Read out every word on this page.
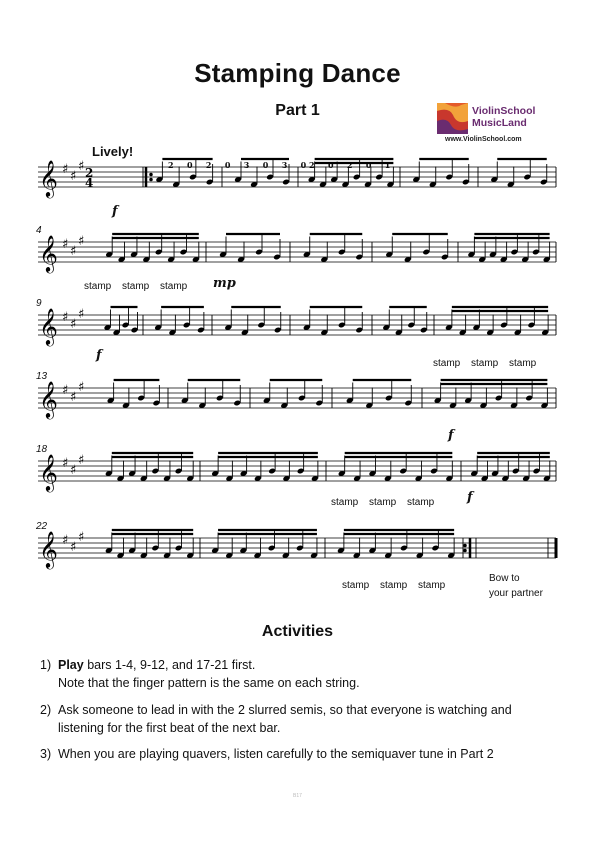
Stamping Dance
Part 1	ViolinSchool
MusicLand
www.ViolinSchool.com
Lively!
2 0 2 0 3 0 3 0
2 0 2 0 1
𝄞 ♯ ♯
♯ 2
4
𝄞 ♯ ♯
♯
𝄞 ♯ ♯
♯
𝄞 ♯ ♯
♯
𝄞 ♯ ♯
♯
𝄞 ♯ ♯
♯
4
9
13
18
22
f
mp
f
f
f
stamp stamp stamp
stamp stamp stamp
stamp stamp stamp
stamp stamp stamp
Bow to
your partner
Activities
1) Play bars 1-4, 9-12, and 17-21 first.
Note that the finger pattern is the same on each string.
2) Ask someone to lead in with the 2 slurred semis, so that everyone is watching and
listening for the first beat of the next bar.
3) When you are playing quavers, listen carefully to the semiquaver tune in Part 2
B17
